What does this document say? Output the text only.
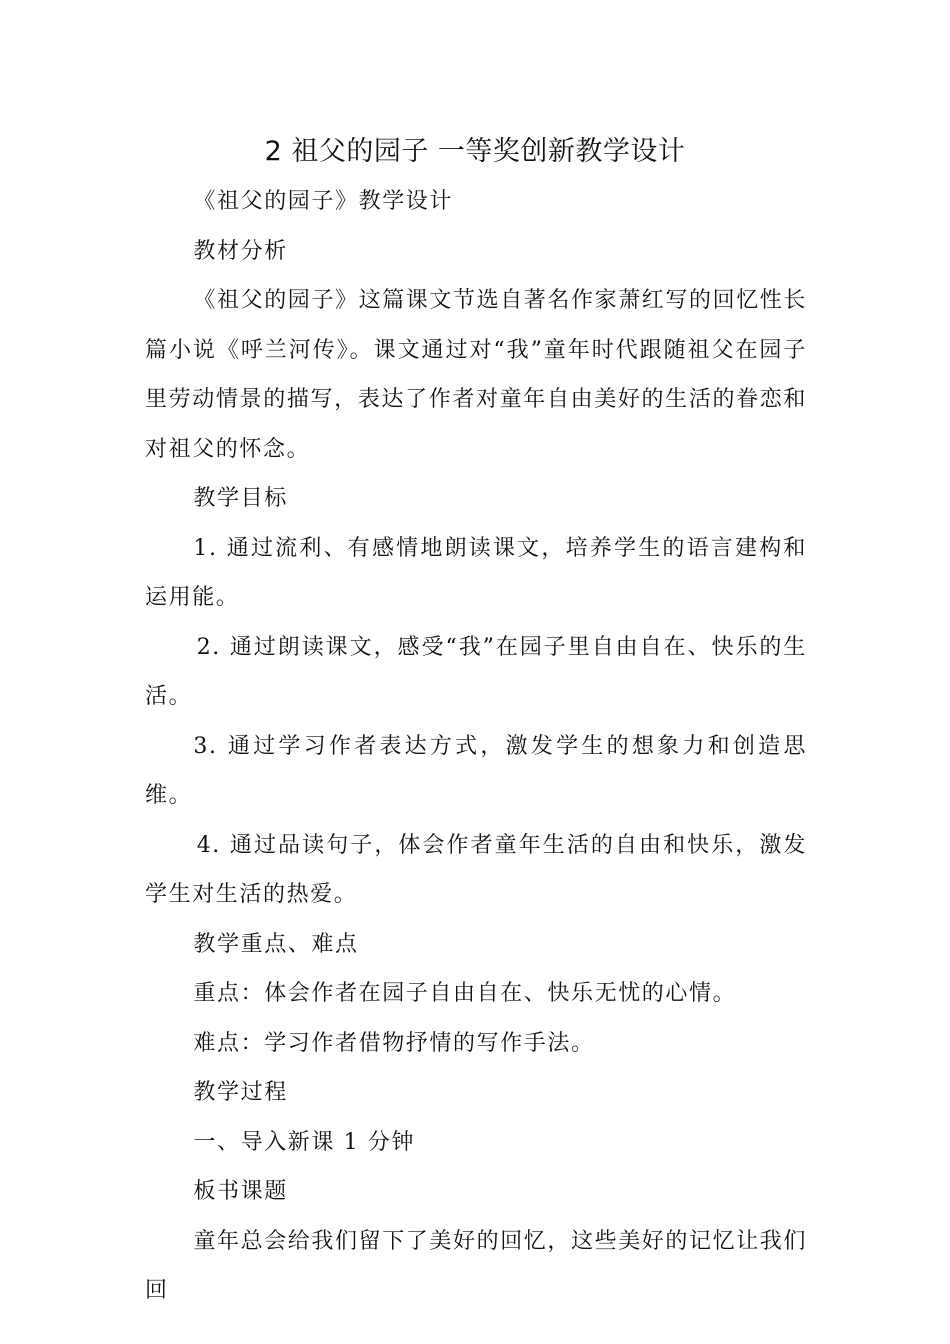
2 祖父的园子 一等奖创新教学设计

《祖父的园子》教学设计

教材分析

《祖父的园子》这篇课文节选自著名作家萧红写的回忆性长篇小说《呼兰河传》。课文通过对“我”童年时代跟随祖父在园子里劳动情景的描写，表达了作者对童年自由美好的生活的眷恋和对祖父的怀念。

教学目标

1. 通过流利、有感情地朗读课文，培养学生的语言建构和运用能。

2. 通过朗读课文，感受“我”在园子里自由自在、快乐的生活。

3. 通过学习作者表达方式，激发学生的想象力和创造思维。

4. 通过品读句子，体会作者童年生活的自由和快乐，激发学生对生活的热爱。

教学重点、难点

重点：体会作者在园子自由自在、快乐无忧的心情。

难点：学习作者借物抒情的写作手法。

教学过程

一、导入新课 1 分钟

板书课题

童年总会给我们留下了美好的回忆，这些美好的记忆让我们回
